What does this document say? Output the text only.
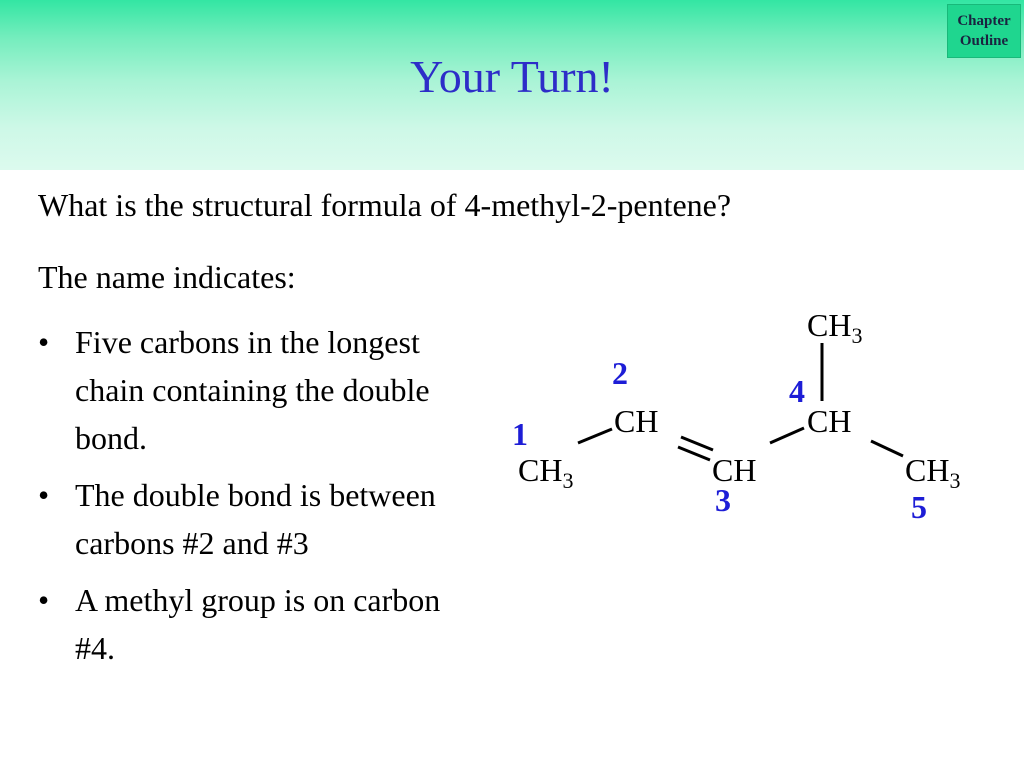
Your Turn!
Chapter
Outline
What is the structural formula of 4-methyl-2-pentene?
The name indicates:
• Five carbons in the longest chain containing the double bond.
• The double bond is between carbons #2 and #3
• A methyl group is on carbon #4.
$CH_3$
CH
CH
CH
$CH_3$
$CH_3$
1
2
3
4
5
